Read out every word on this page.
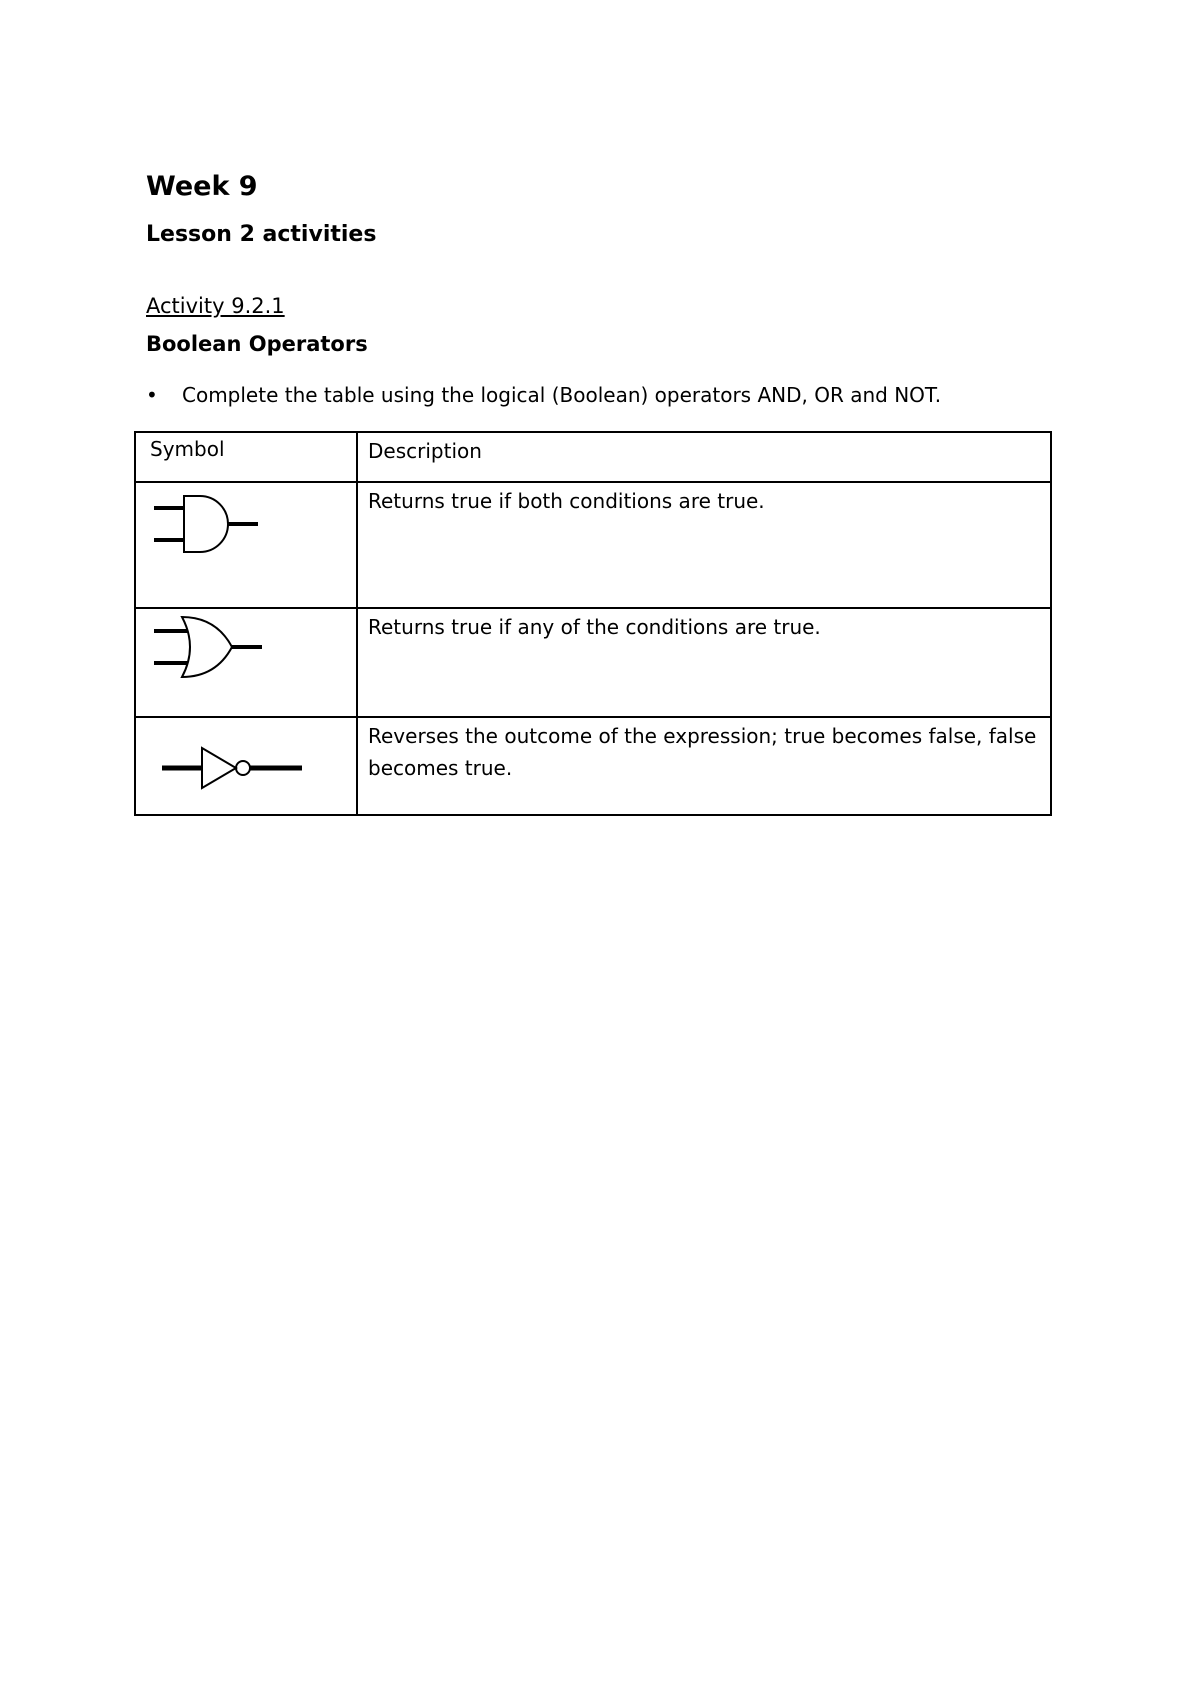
Week 9
Lesson 2 activities
Activity 9.2.1
Boolean Operators
• Complete the table using the logical (Boolean) operators AND, OR and NOT.
Symbol	Description

	Returns true if both conditions are true.

	Returns true if any of the conditions are true.

	Reverses the outcome of the expression; true becomes false, false becomes true.
